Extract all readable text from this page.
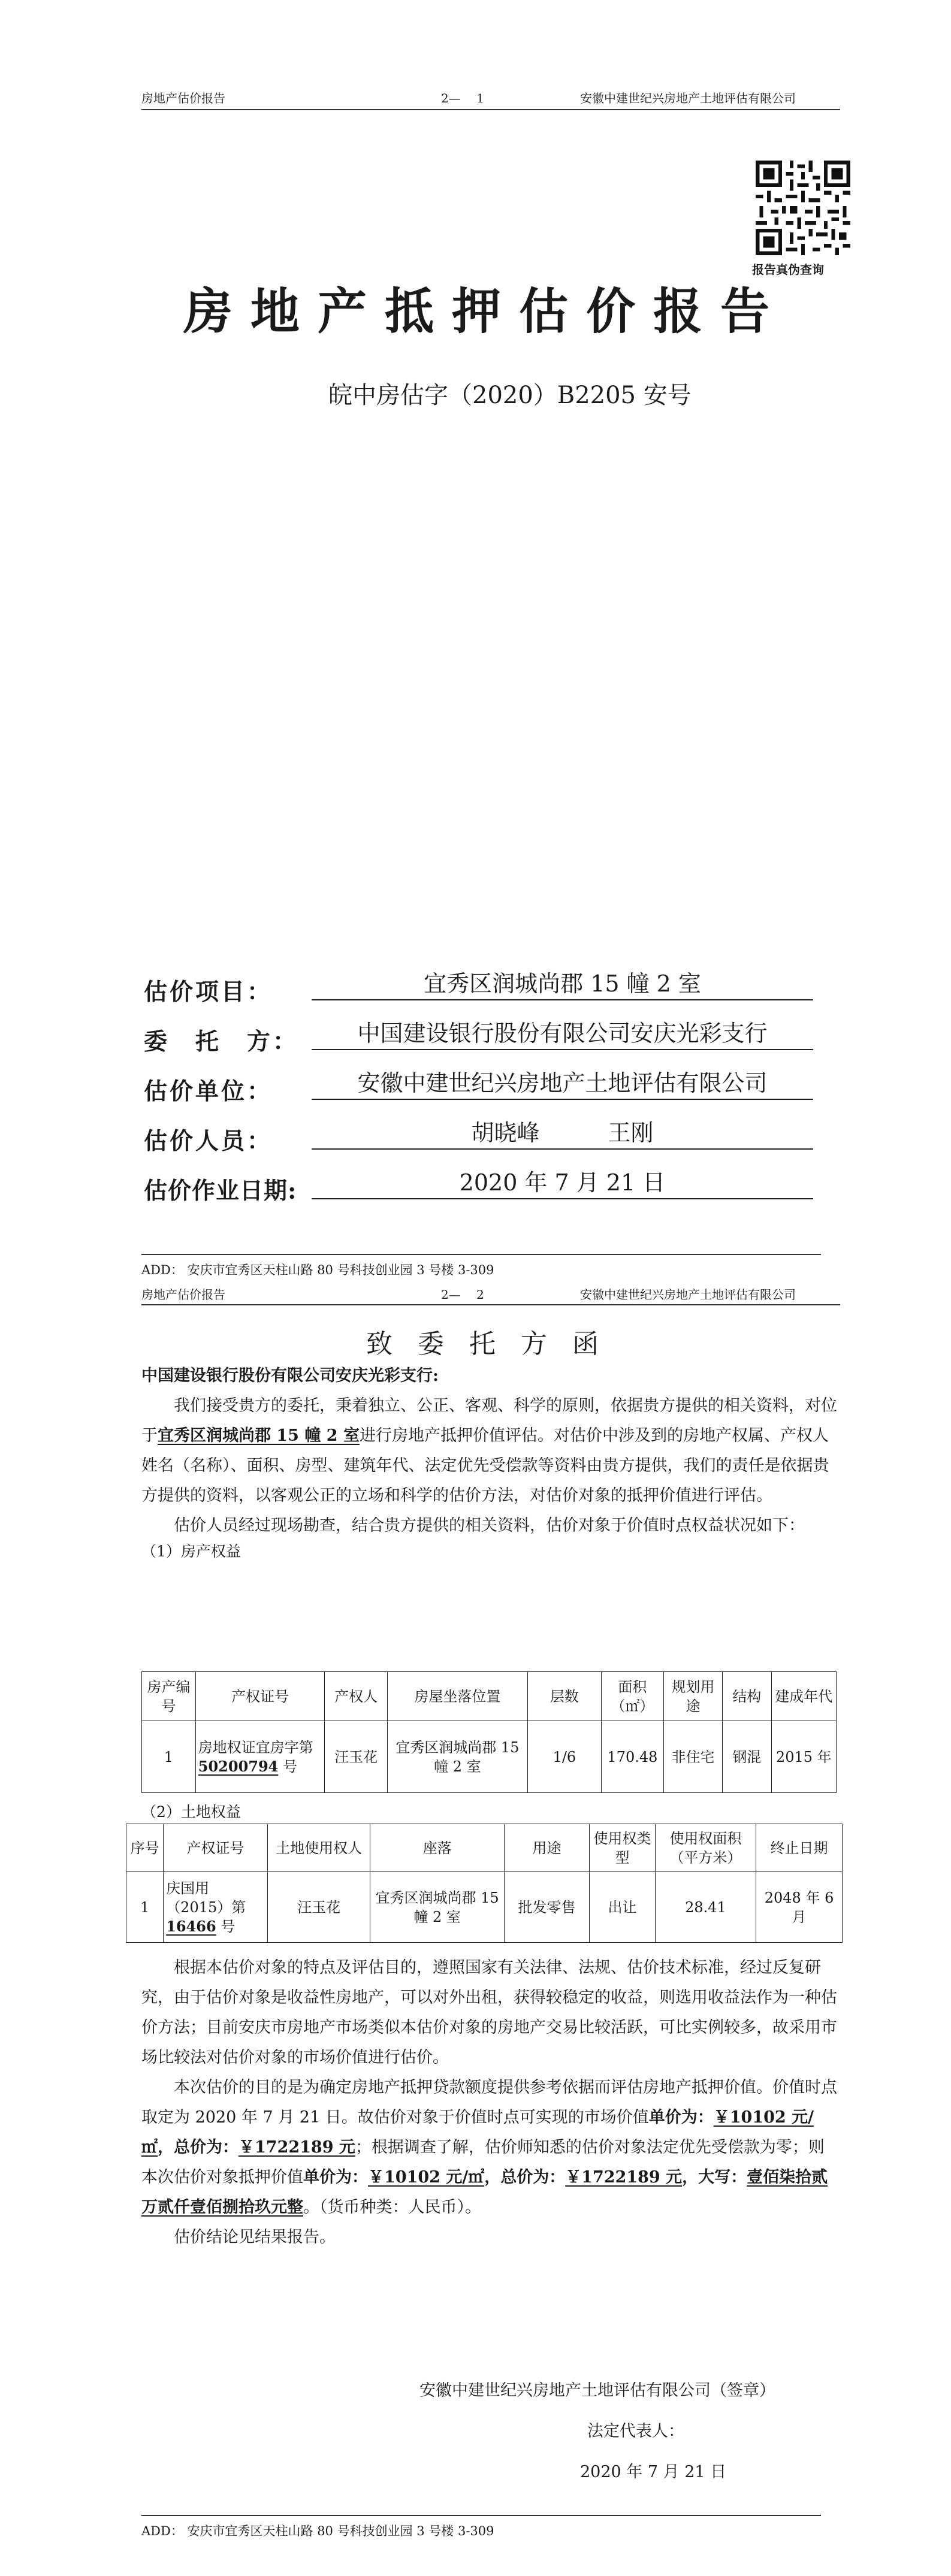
房地产估价报告	2—　 1	安徽中建世纪兴房地产土地评估有限公司
报告真伪查询
房地产抵押估价报告
皖中房估字（2020）B2205 安号
估价项目：	宜秀区润城尚郡 15 幢 2 室
委　托　方：	中国建设银行股份有限公司安庆光彩支行
估价单位：	安徽中建世纪兴房地产土地评估有限公司
估价人员：	胡晓峰　　　王刚
估价作业日期:	2020 年 7 月 21 日
ADD： 安庆市宜秀区天柱山路 80 号科技创业园 3 号楼 3-309
房地产估价报告	2—　 2	安徽中建世纪兴房地产土地评估有限公司
致委托方函

中国建设银行股份有限公司安庆光彩支行:

我们接受贵方的委托，秉着独立、公正、客观、科学的原则，依据贵方提供的相关资料，对位于宜秀区润城尚郡 15 幢 2 室进行房地产抵押价值评估。对估价中涉及到的房地产权属、产权人姓名（名称）、面积、房型、建筑年代、法定优先受偿款等资料由贵方提供，我们的责任是依据贵方提供的资料，以客观公正的立场和科学的估价方法，对估价对象的抵押价值进行评估。

估价人员经过现场勘查，结合贵方提供的相关资料，估价对象于价值时点权益状况如下：

（1）房产权益

房产编号	产权证号	产权人	房屋坐落位置	层数	面积（㎡）	规划用途	结构	建成年代
1	房地权证宜房字第 50200794 号	汪玉花	宜秀区润城尚郡 15 幢 2 室	1/6	170.48	非住宅	钢混	2015 年
（2）土地权益
序号	产权证号	土地使用权人	座落	用途	使用权类型	使用权面积（平方米）	终止日期
1	庆国用（2015）第 16466 号	汪玉花	宜秀区润城尚郡 15 幢 2 室	批发零售	出让	28.41	2048 年 6 月

根据本估价对象的特点及评估目的，遵照国家有关法律、法规、估价技术标准，经过反复研究，由于估价对象是收益性房地产，可以对外出租，获得较稳定的收益，则选用收益法作为一种估价方法；目前安庆市房地产市场类似本估价对象的房地产交易比较活跃，可比实例较多，故采用市场比较法对估价对象的市场价值进行估价。

本次估价的目的是为确定房地产抵押贷款额度提供参考依据而评估房地产抵押价值。价值时点取定为 2020 年 7 月 21 日。故估价对象于价值时点可实现的市场价值单价为：￥10102 元/㎡，总价为：￥1722189 元；根据调查了解，估价师知悉的估价对象法定优先受偿款为零；则本次估价对象抵押价值单价为：￥10102 元/㎡，总价为：￥1722189 元，大写：壹佰柒拾贰万贰仟壹佰捌拾玖元整。（货币种类：人民币）。

估价结论见结果报告。

安徽中建世纪兴房地产土地评估有限公司（签章）
法定代表人：
2020 年 7 月 21 日
ADD： 安庆市宜秀区天柱山路 80 号科技创业园 3 号楼 3-309
